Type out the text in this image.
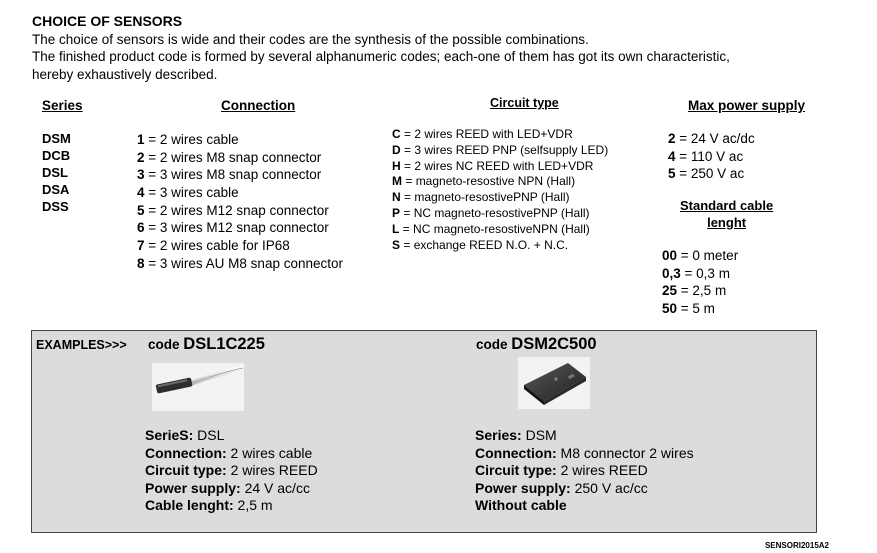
CHOICE OF SENSORS
The choice of sensors is wide and their codes are the synthesis of the possible combinations.
The finished product code is formed by several alphanumeric codes; each-one of them has got its own characteristic,
hereby exhaustively described.
Series	Connection	Circuit type	Max power supply
DSM
DCB
DSL
DSA
DSS
1 = 2 wires cable
2 = 2 wires M8 snap connector
3 = 3 wires M8 snap connector
4 = 3 wires cable
5 = 2 wires M12 snap connector
6 = 3 wires M12 snap connector
7 = 2 wires cable for IP68
8 = 3 wires AU M8 snap connector
C = 2 wires REED with LED+VDR
D = 3 wires REED PNP (selfsupply LED)
H = 2 wires NC REED with LED+VDR
M = magneto-resostive NPN (Hall)
N = magneto-resostivePNP (Hall)
P = NC magneto-resostivePNP (Hall)
L = NC magneto-resostiveNPN (Hall)
S = exchange REED N.O. + N.C.
2 = 24 V ac/dc
4 = 110 V ac
5 = 250 V ac
Standard cable
lenght
00 = 0 meter
0,3 = 0,3 m
25 = 2,5 m
50 = 5 m
EXAMPLES>>> code DSL1C225
SerieS: DSL
Connection: 2 wires cable
Circuit type: 2 wires REED
Power supply: 24 V ac/cc
Cable lenght: 2,5 m
code DSM2C500
Series: DSM
Connection: M8 connector 2 wires
Circuit type: 2 wires REED
Power supply: 250 V ac/cc
Without cable
SENSORI2015A2
